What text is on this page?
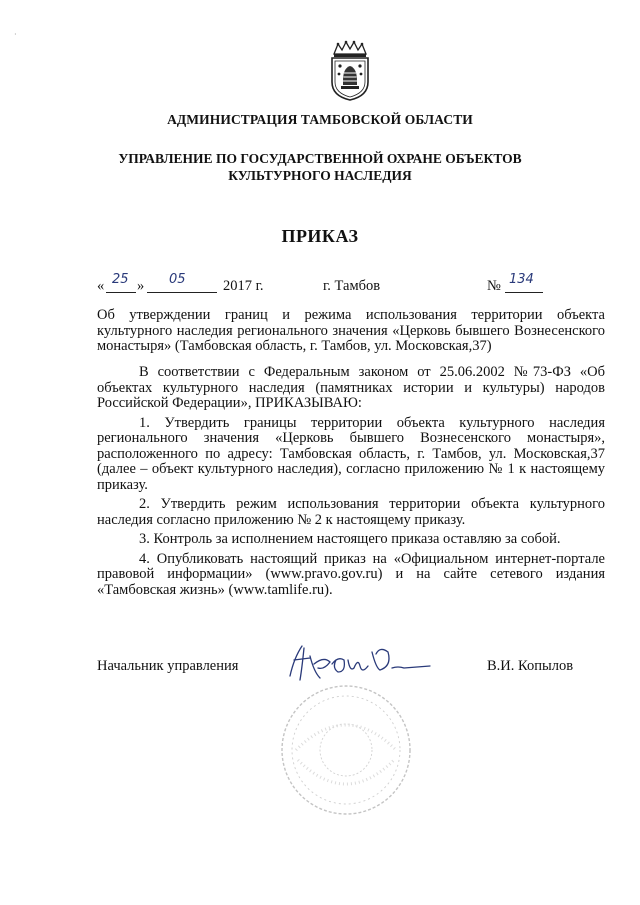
·
АДМИНИСТРАЦИЯ ТАМБОВСКОЙ ОБЛАСТИ
УПРАВЛЕНИЕ ПО ГОСУДАРСТВЕННОЙ ОХРАНЕ ОБЪЕКТОВ
КУЛЬТУРНОГО НАСЛЕДИЯ
ПРИКАЗ
« 25 » 05	2017 г.	г. Тамбов	№ 134
Об утверждении границ и режима использования территории объекта культурного наследия регионального значения «Церковь бывшего Вознесенского монастыря» (Тамбовская область, г. Тамбов, ул. Московская,37)

В соответствии с Федеральным законом от 25.06.2002 №73-ФЗ «Об объектах культурного наследия (памятниках истории и культуры) народов Российской Федерации», ПРИКАЗЫВАЮ:

1. Утвердить границы территории объекта культурного наследия регионального значения «Церковь бывшего Вознесенского монастыря», расположенного по адресу: Тамбовская область, г. Тамбов, ул. Московская,37 (далее – объект культурного наследия), согласно приложению № 1 к настоящему приказу.

2. Утвердить режим использования территории объекта культурного наследия согласно приложению № 2 к настоящему приказу.

3. Контроль за исполнением настоящего приказа оставляю за собой.

4. Опубликовать настоящий приказ на «Официальном интернет-портале правовой информации» (www.pravo.gov.ru) и на сайте сетевого издания «Тамбовская жизнь» (www.tamlife.ru).

Начальник управления	В.И. Копылов
